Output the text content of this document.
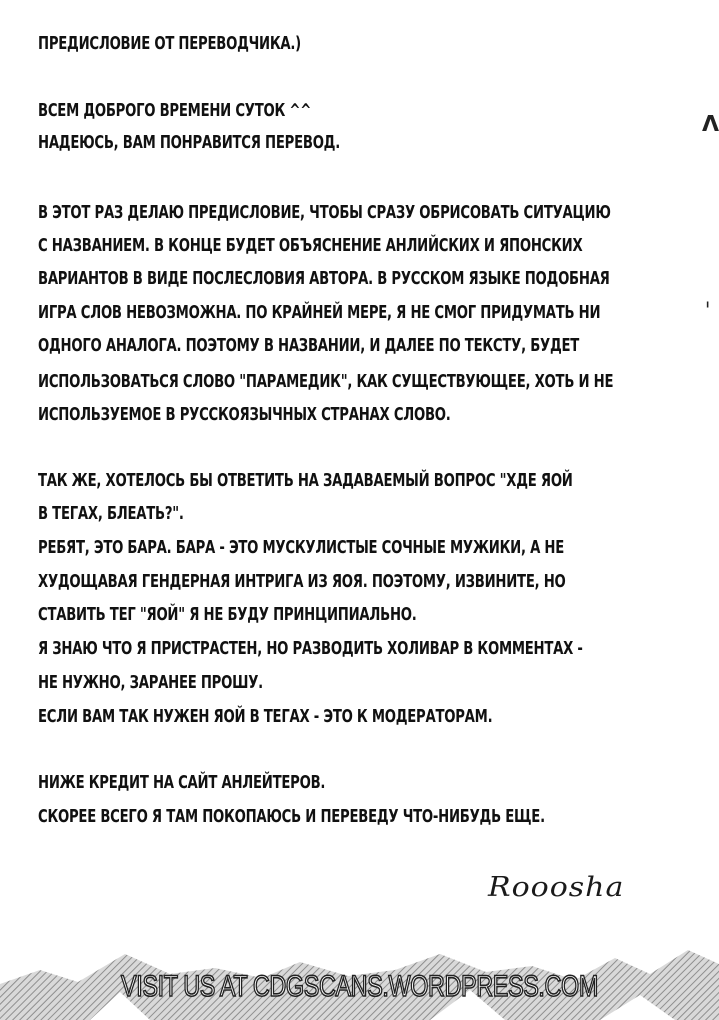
ПРЕДИСЛОВИЕ ОТ ПЕРЕВОДЧИКА.)
ВСЕМ ДОБРОГО ВРЕМЕНИ СУТОК ^^
НАДЕЮСЬ, ВАМ ПОНРАВИТСЯ ПЕРЕВОД.
В ЭТОТ РАЗ ДЕЛАЮ ПРЕДИСЛОВИЕ, ЧТОБЫ СРАЗУ ОБРИСОВАТЬ СИТУАЦИЮ
С НАЗВАНИЕМ. В КОНЦЕ БУДЕТ ОБЪЯСНЕНИЕ АНЛИЙСКИХ И ЯПОНСКИХ
ВАРИАНТОВ В ВИДЕ ПОСЛЕСЛОВИЯ АВТОРА. В РУССКОМ ЯЗЫКЕ ПОДОБНАЯ
ИГРА СЛОВ НЕВОЗМОЖНА. ПО КРАЙНЕЙ МЕРЕ, Я НЕ СМОГ ПРИДУМАТЬ НИ
ОДНОГО АНАЛОГА. ПОЭТОМУ В НАЗВАНИИ, И ДАЛЕЕ ПО ТЕКСТУ, БУДЕТ
ИСПОЛЬЗОВАТЬСЯ СЛОВО "ПАРАМЕДИК", КАК СУЩЕСТВУЮЩЕЕ, ХОТЬ И НЕ
ИСПОЛЬЗУЕМОЕ В РУССКОЯЗЫЧНЫХ СТРАНАХ СЛОВО.
ТАК ЖЕ, ХОТЕЛОСЬ БЫ ОТВЕТИТЬ НА ЗАДАВАЕМЫЙ ВОПРОС "ХДЕ ЯОЙ
В ТЕГАХ, БЛЕАТЬ?".
РЕБЯТ, ЭТО БАРА. БАРА - ЭТО МУСКУЛИСТЫЕ СОЧНЫЕ МУЖИКИ, А НЕ
ХУДОЩАВАЯ ГЕНДЕРНАЯ ИНТРИГА ИЗ ЯОЯ. ПОЭТОМУ, ИЗВИНИТЕ, НО
СТАВИТЬ ТЕГ "ЯОЙ" Я НЕ БУДУ ПРИНЦИПИАЛЬНО.
Я ЗНАЮ ЧТО Я ПРИСТРАСТЕН, НО РАЗВОДИТЬ ХОЛИВАР В КОММЕНТАХ -
НЕ НУЖНО, ЗАРАНЕЕ ПРОШУ.
ЕСЛИ ВАМ ТАК НУЖЕН ЯОЙ В ТЕГАХ - ЭТО К МОДЕРАТОРАМ.
НИЖЕ КРЕДИТ НА САЙТ АНЛЕЙТЕРОВ.
СКОРЕЕ ВСЕГО Я ТАМ ПОКОПАЮСЬ И ПЕРЕВЕДУ ЧТО-НИБУДЬ ЕЩЕ.
ᐱ
ᑊ
Roooshа
VISIT US AT CDGSCANS.WORDPRESS.COM
